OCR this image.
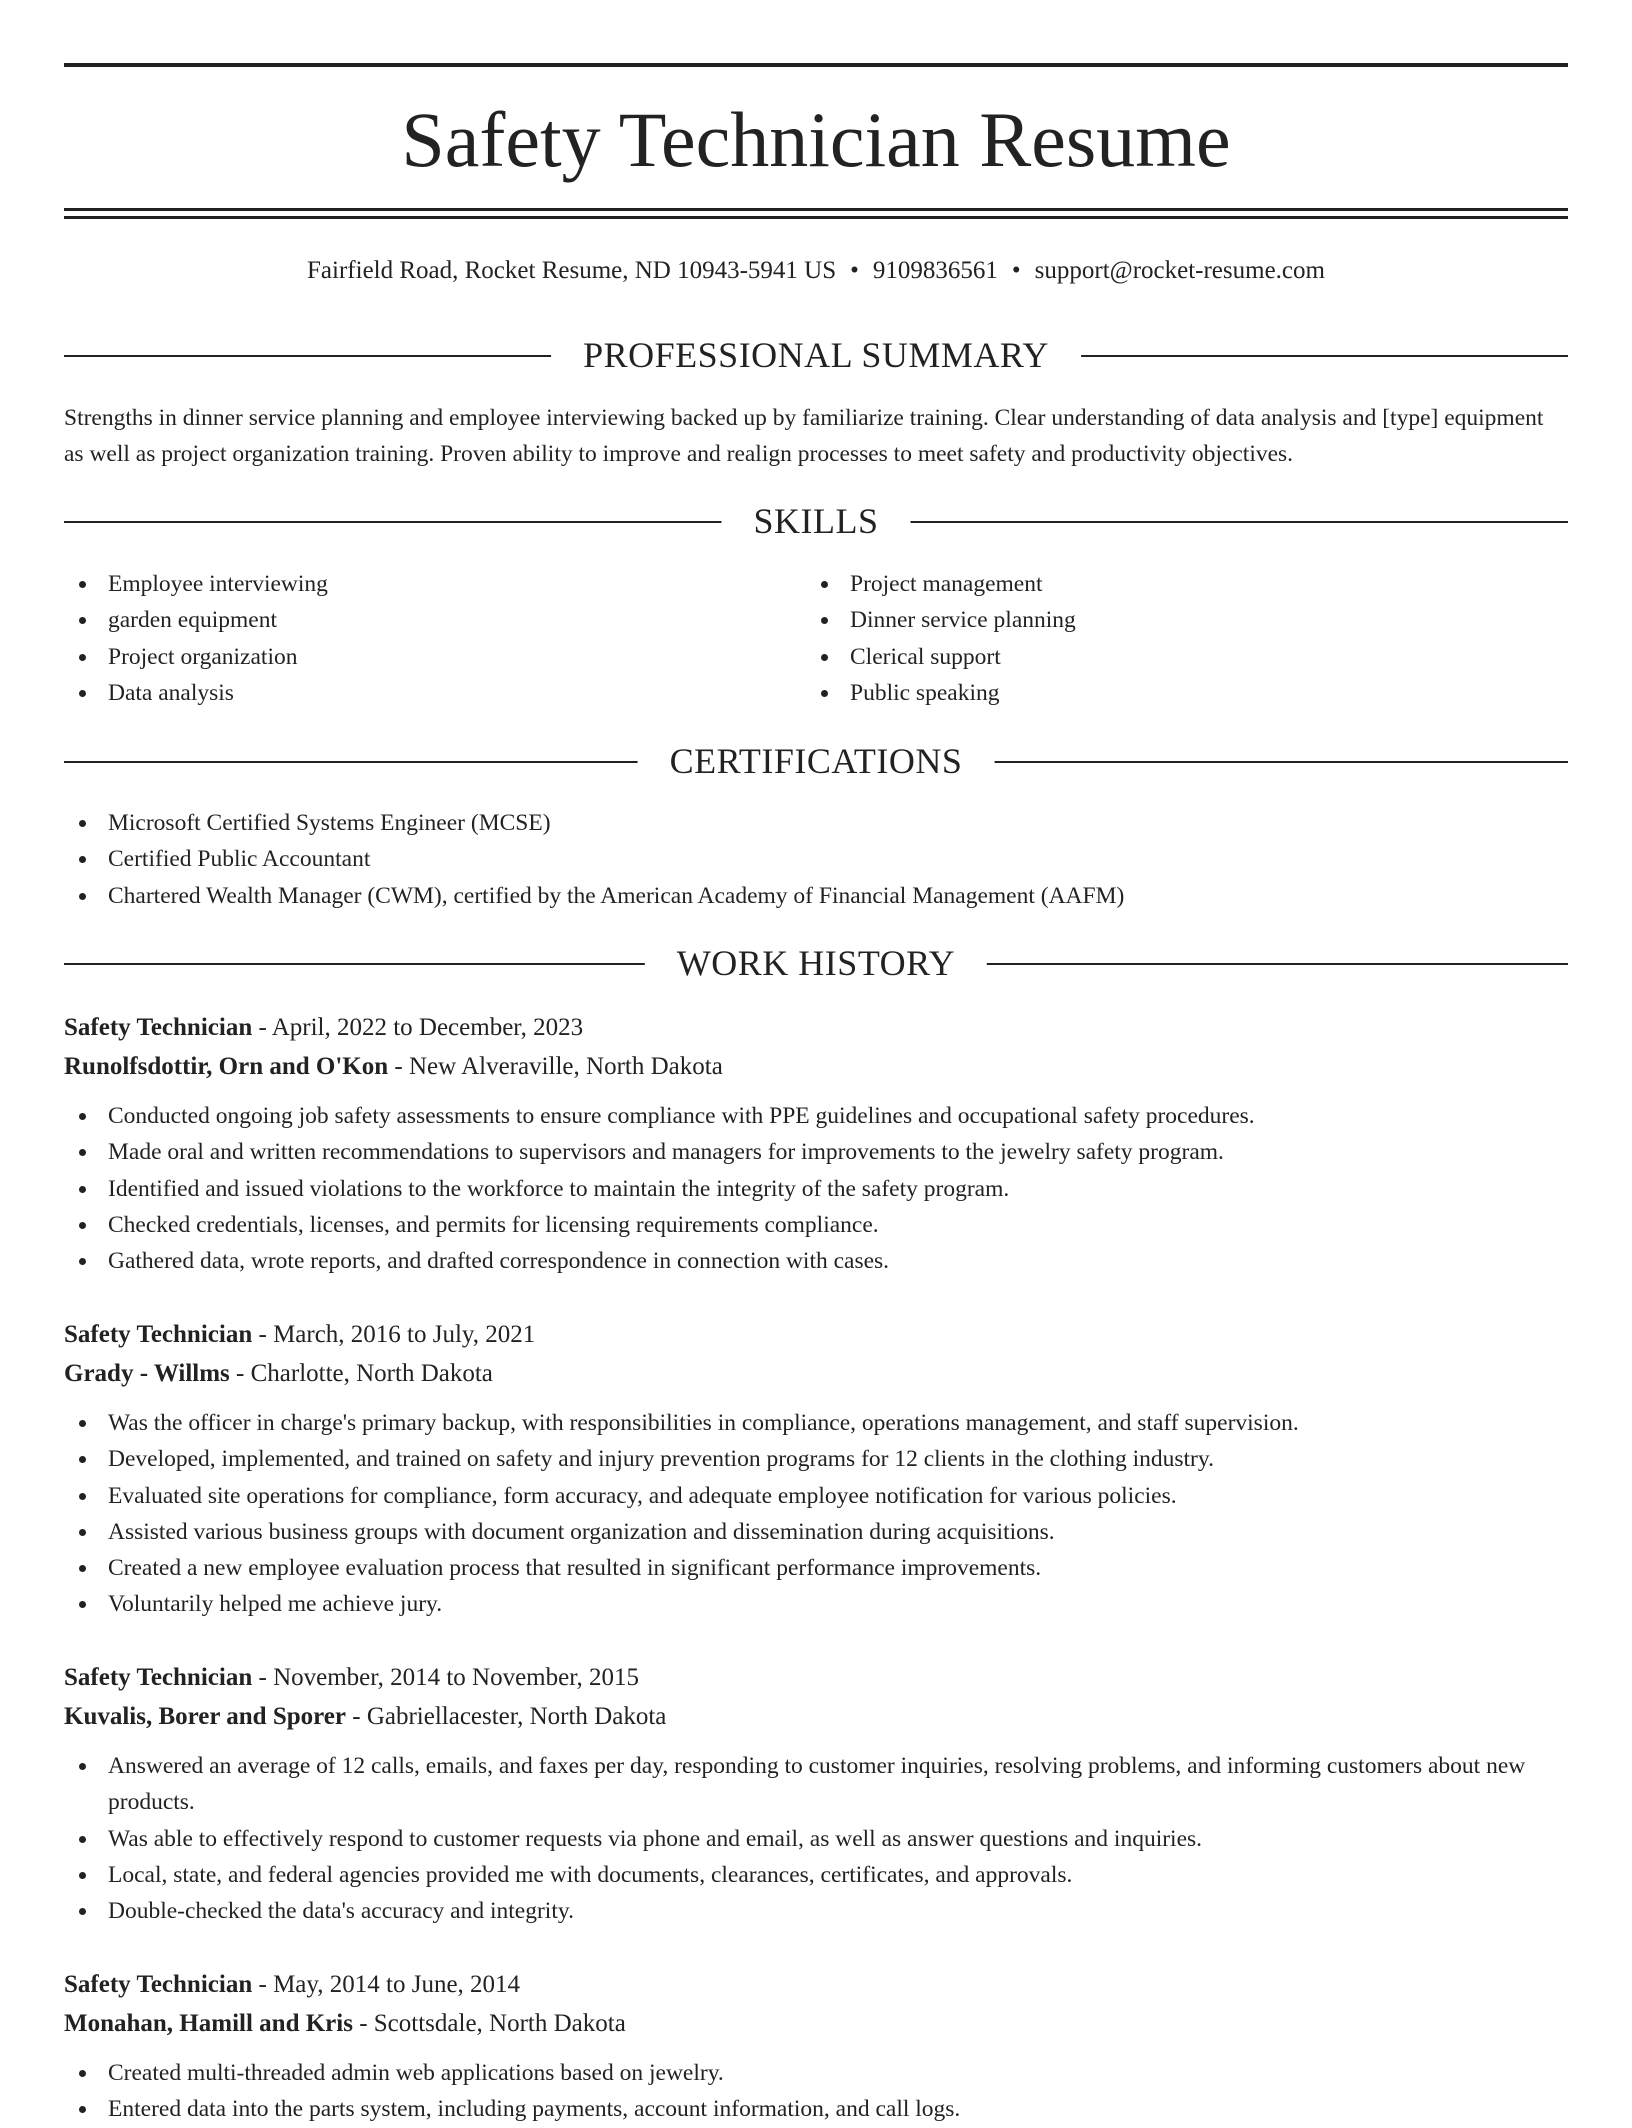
Safety Technician Resume
Fairfield Road, Rocket Resume, ND 10943-5941 US • 9109836561 • support@rocket-resume.com
PROFESSIONAL SUMMARY

Strengths in dinner service planning and employee interviewing backed up by familiarize training. Clear understanding of data analysis and [type] equipment as well as project organization training. Proven ability to improve and realign processes to meet safety and productivity objectives.

SKILLS
Employee interviewing
garden equipment
Project organization
Data analysis
Project management
Dinner service planning
Clerical support
Public speaking
CERTIFICATIONS
Microsoft Certified Systems Engineer (MCSE)
Certified Public Accountant
Chartered Wealth Manager (CWM), certified by the American Academy of Financial Management (AAFM)
WORK HISTORY
Safety Technician - April, 2022 to December, 2023
Runolfsdottir, Orn and O'Kon - New Alveraville, North Dakota
Conducted ongoing job safety assessments to ensure compliance with PPE guidelines and occupational safety procedures.
Made oral and written recommendations to supervisors and managers for improvements to the jewelry safety program.
Identified and issued violations to the workforce to maintain the integrity of the safety program.
Checked credentials, licenses, and permits for licensing requirements compliance.
Gathered data, wrote reports, and drafted correspondence in connection with cases.
Safety Technician - March, 2016 to July, 2021
Grady - Willms - Charlotte, North Dakota
Was the officer in charge's primary backup, with responsibilities in compliance, operations management, and staff supervision.
Developed, implemented, and trained on safety and injury prevention programs for 12 clients in the clothing industry.
Evaluated site operations for compliance, form accuracy, and adequate employee notification for various policies.
Assisted various business groups with document organization and dissemination during acquisitions.
Created a new employee evaluation process that resulted in significant performance improvements.
Voluntarily helped me achieve jury.
Safety Technician - November, 2014 to November, 2015
Kuvalis, Borer and Sporer - Gabriellacester, North Dakota
Answered an average of 12 calls, emails, and faxes per day, responding to customer inquiries, resolving problems, and informing customers about new products.
Was able to effectively respond to customer requests via phone and email, as well as answer questions and inquiries.
Local, state, and federal agencies provided me with documents, clearances, certificates, and approvals.
Double-checked the data's accuracy and integrity.
Safety Technician - May, 2014 to June, 2014
Monahan, Hamill and Kris - Scottsdale, North Dakota
Created multi-threaded admin web applications based on jewelry.
Entered data into the parts system, including payments, account information, and call logs.
